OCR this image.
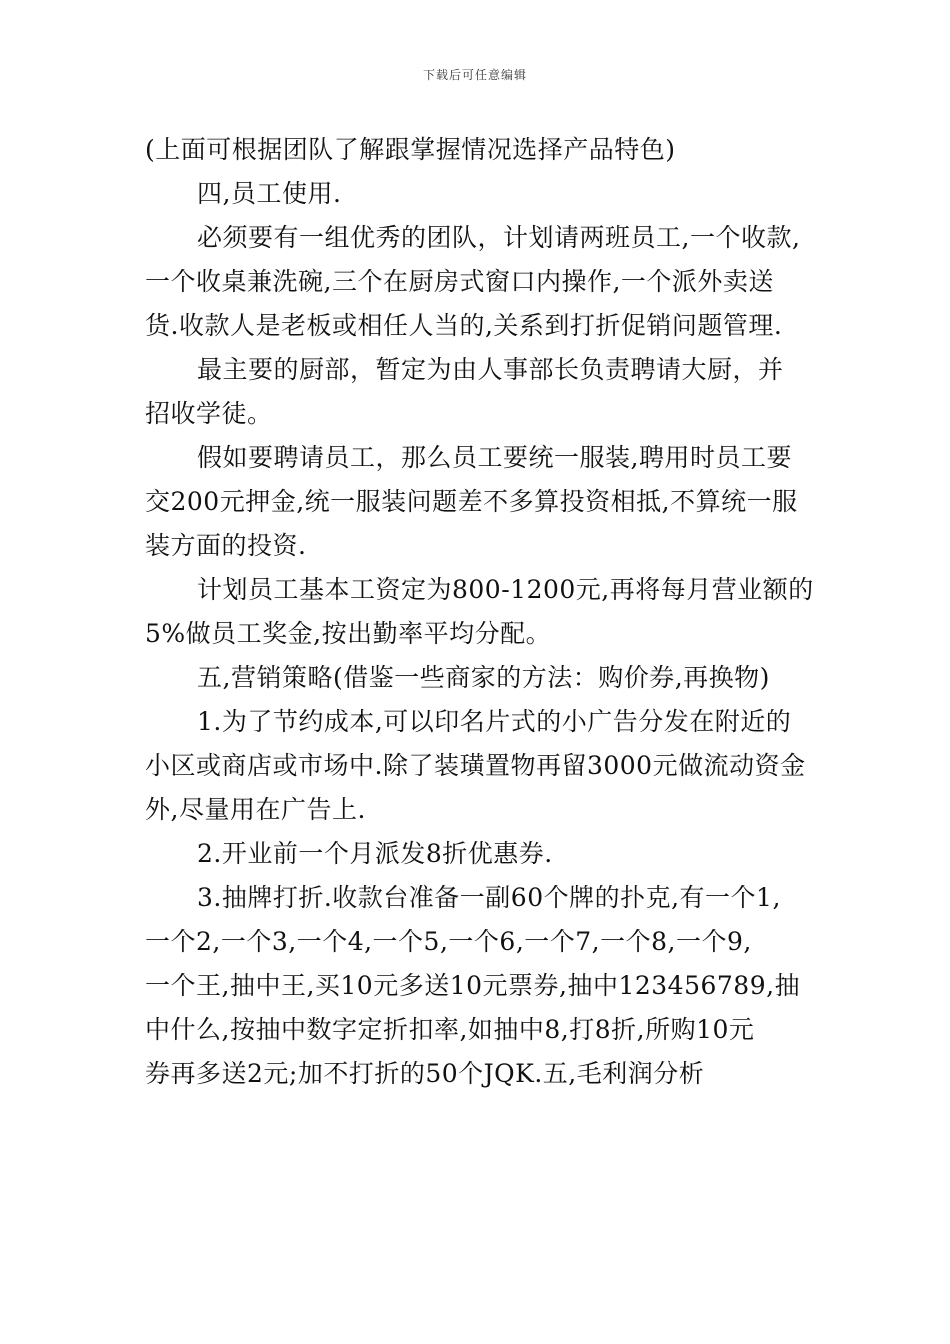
下载后可任意编辑
(上面可根据团队了解跟掌握情况选择产品特色)
四,员工使用.
必须要有一组优秀的团队，计划请两班员工,一个收款,
一个收桌兼洗碗,三个在厨房式窗口内操作,一个派外卖送
货.收款人是老板或相任人当的,关系到打折促销问题管理.
最主要的厨部，暂定为由人事部长负责聘请大厨，并
招收学徒。
假如要聘请员工，那么员工要统一服装,聘用时员工要
交200元押金,统一服装问题差不多算投资相抵,不算统一服
装方面的投资.
计划员工基本工资定为800-1200元,再将每月营业额的
5%做员工奖金,按出勤率平均分配。
五,营销策略(借鉴一些商家的方法：购价券,再换物)
1.为了节约成本,可以印名片式的小广告分发在附近的
小区或商店或市场中.除了装璜置物再留3000元做流动资金
外,尽量用在广告上.
2.开业前一个月派发8折优惠券.
3.抽牌打折.收款台准备一副60个牌的扑克,有一个1,
一个2,一个3,一个4,一个5,一个6,一个7,一个8,一个9,
一个王,抽中王,买10元多送10元票券,抽中123456789,抽
中什么,按抽中数字定折扣率,如抽中8,打8折,所购10元
券再多送2元;加不打折的50个JQK.五,毛利润分析
